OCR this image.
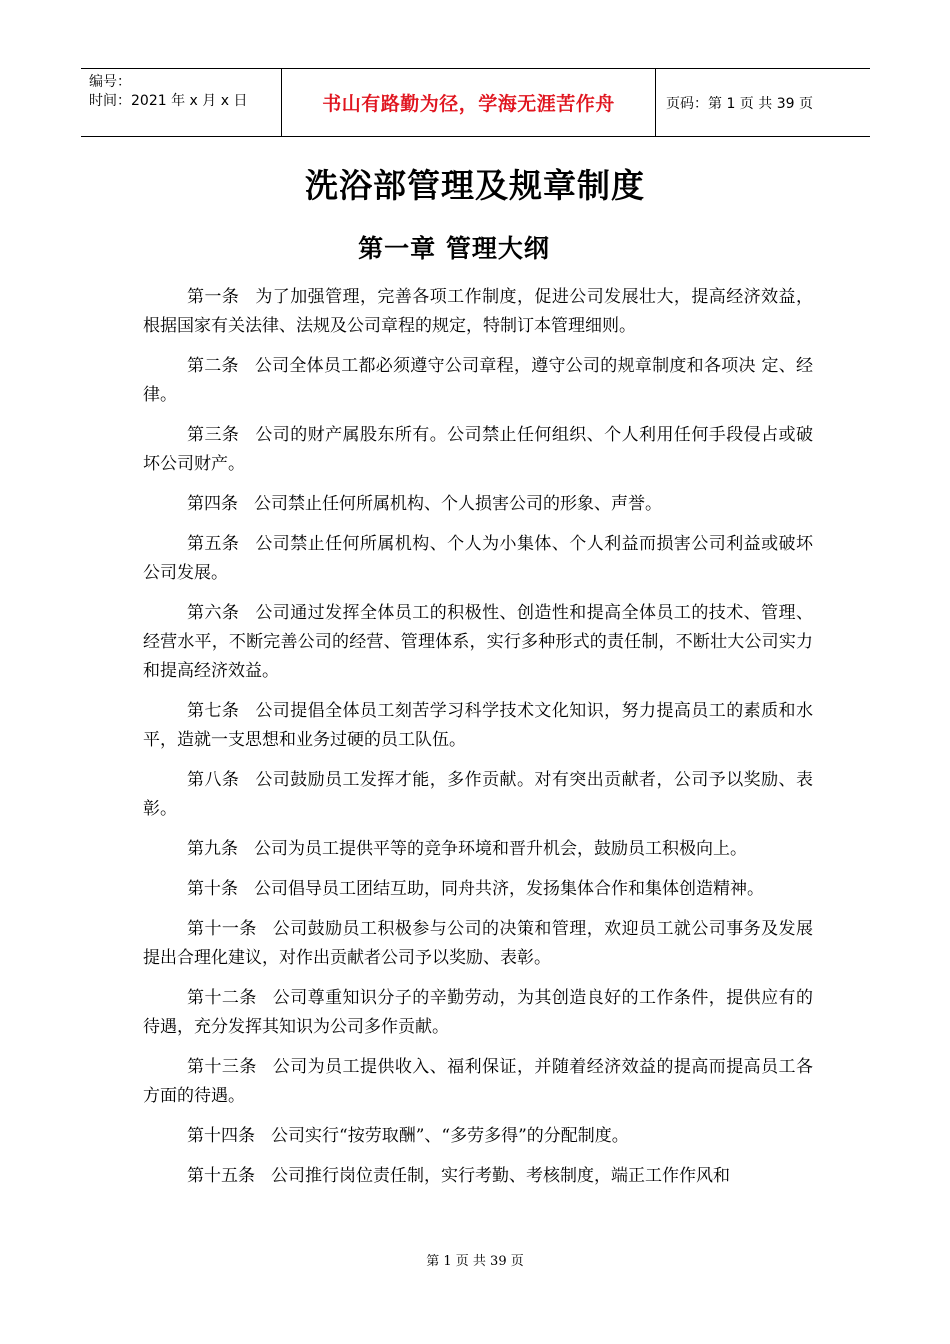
编号：
时间：2021 年 x 月 x 日	书山有路勤为径，学海无涯苦作舟	页码：第 1 页 共 39 页
洗浴部管理及规章制度
第一章 管理大纲

第一条 为了加强管理，完善各项工作制度，促进公司发展壮大，提高经济效益，根据国家有关法律、法规及公司章程的规定，特制订本管理细则。

第二条 公司全体员工都必须遵守公司章程，遵守公司的规章制度和各项决 定、经律。

第三条 公司的财产属股东所有。公司禁止任何组织、个人利用任何手段侵占或破坏公司财产。

第四条 公司禁止任何所属机构、个人损害公司的形象、声誉。

第五条 公司禁止任何所属机构、个人为小集体、个人利益而损害公司利益或破坏公司发展。

第六条 公司通过发挥全体员工的积极性、创造性和提高全体员工的技术、管理、经营水平，不断完善公司的经营、管理体系，实行多种形式的责任制，不断壮大公司实力和提高经济效益。

第七条 公司提倡全体员工刻苦学习科学技术文化知识，努力提高员工的素质和水平，造就一支思想和业务过硬的员工队伍。

第八条 公司鼓励员工发挥才能，多作贡献。对有突出贡献者，公司予以奖励、表彰。

第九条 公司为员工提供平等的竞争环境和晋升机会，鼓励员工积极向上。

第十条 公司倡导员工团结互助，同舟共济，发扬集体合作和集体创造精神。

第十一条 公司鼓励员工积极参与公司的决策和管理，欢迎员工就公司事务及发展提出合理化建议，对作出贡献者公司予以奖励、表彰。

第十二条 公司尊重知识分子的辛勤劳动，为其创造良好的工作条件，提供应有的待遇，充分发挥其知识为公司多作贡献。

第十三条 公司为员工提供收入、福利保证，并随着经济效益的提高而提高员工各方面的待遇。

第十四条 公司实行“按劳取酬”、“多劳多得”的分配制度。

第十五条 公司推行岗位责任制，实行考勤、考核制度，端正工作作风和

第 1 页 共 39 页
